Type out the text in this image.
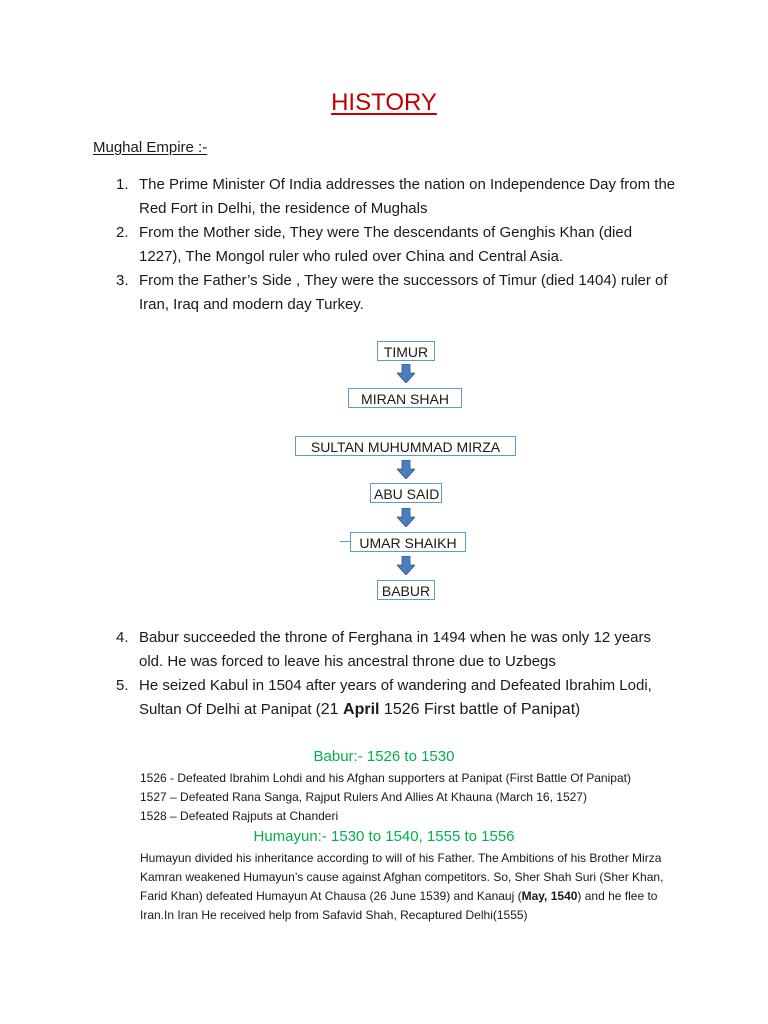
HISTORY
Mughal Empire :-
1. The Prime Minister Of India addresses the nation on Independence Day from the Red Fort in Delhi, the residence of Mughals
2. From the Mother side, They were The descendants of Genghis Khan (died 1227), The Mongol ruler who ruled over China and Central Asia.
3. From the Father’s Side , They were the successors of Timur (died 1404) ruler of Iran, Iraq and modern day Turkey.
TIMUR
MIRAN SHAH
SULTAN MUHUMMAD MIRZA
ABU SAID
UMAR SHAIKH
BABUR
4. Babur succeeded the throne of Ferghana in 1494 when he was only 12 years old. He was forced to leave his ancestral throne due to Uzbegs
5. He seized Kabul in 1504 after years of wandering and Defeated Ibrahim Lodi, Sultan Of Delhi at Panipat (21 April 1526 First battle of Panipat)
Babur:- 1526 to 1530
1526 - Defeated Ibrahim Lohdi and his Afghan supporters at Panipat (First Battle Of Panipat)
1527 – Defeated Rana Sanga, Rajput Rulers And Allies At Khauna (March 16, 1527)
1528 – Defeated Rajputs at Chanderi
Humayun:- 1530 to 1540, 1555 to 1556
Humayun divided his inheritance according to will of his Father. The Ambitions of his Brother Mirza Kamran weakened Humayun’s cause against Afghan competitors. So, Sher Shah Suri (Sher Khan, Farid Khan) defeated Humayun At Chausa (26 June 1539) and Kanauj (May, 1540) and he flee to Iran.In Iran He received help from Safavid Shah, Recaptured Delhi(1555)
